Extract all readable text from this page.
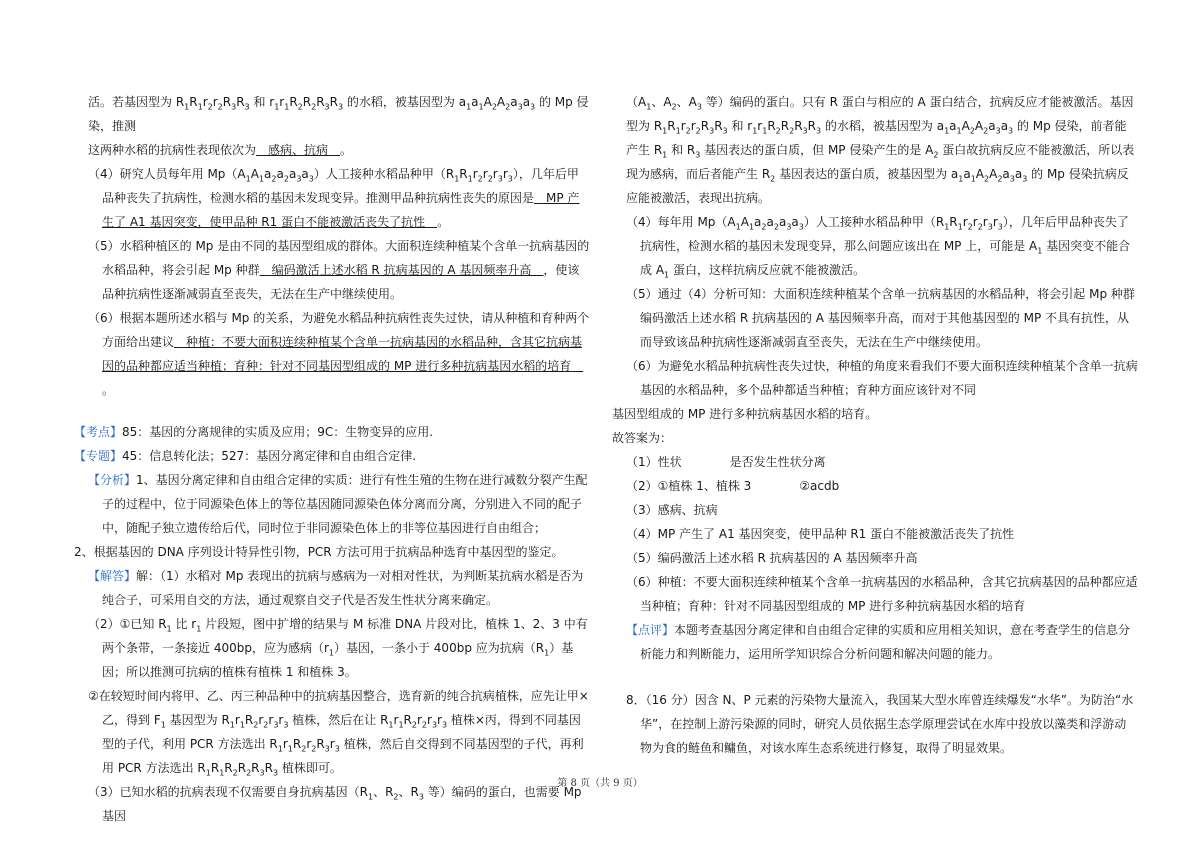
活。若基因型为 $R_1R_1r_2r_2R_3R_3$ 和 $r_1r_1R_2R_2R_3R_3$ 的水稻，被基因型为 $a_1a_1A_2A_2a_3a_3$ 的 Mp 侵染，推测

这两种水稻的抗病性表现依次为　感病、抗病　。

（4）研究人员每年用 $Mp(A_1A_1a_2a_2a_3a_3)$人工接种水稻品种甲$(R_1R_1r_2r_2r_3r_3)$，几年后甲品种丧失了抗病性，检测水稻的基因未发现变异。推测甲品种抗病性丧失的原因是　MP 产生了 A1 基因突变，使甲品种 R1 蛋白不能被激活丧失了抗性　。

（5）水稻种植区的 Mp 是由不同的基因型组成的群体。大面积连续种植某个含单一抗病基因的水稻品种，将会引起 Mp 种群　编码激活上述水稻 R 抗病基因的 A 基因频率升高　，使该品种抗病性逐渐减弱直至丧失，无法在生产中继续使用。

（6）根据本题所述水稻与 Mp 的关系，为避免水稻品种抗病性丧失过快，请从种植和育种两个方面给出建议　种植：不要大面积连续种植某个含单一抗病基因的水稻品种，含其它抗病基因的品种都应适当种植；育种：针对不同基因型组成的 MP 进行多种抗病基因水稻的培育　。

【考点】85：基因的分离规律的实质及应用；9C：生物变异的应用.

【专题】45：信息转化法；527：基因分离定律和自由组合定律.

【分析】1、基因分离定律和自由组合定律的实质：进行有性生殖的生物在进行减数分裂产生配子的过程中，位于同源染色体上的等位基因随同源染色体分离而分离，分别进入不同的配子中，随配子独立遗传给后代，同时位于非同源染色体上的非等位基因进行自由组合；

2、根据基因的 DNA 序列设计特异性引物，PCR 方法可用于抗病品种选育中基因型的鉴定。

【解答】解：（1）水稻对 Mp 表现出的抗病与感病为一对相对性状，为判断某抗病水稻是否为纯合子，可采用自交的方法，通过观察自交子代是否发生性状分离来确定。

（2）①已知 $R_1$ 比 $r_1$ 片段短，图中扩增的结果与 M 标准 DNA 片段对比，植株 1、2、3 中有两个条带，一条接近 400bp，应为感病$(r_1)$基因，一条小于 400bp 应为抗病$(R_1)$基因；所以推测可抗病的植株有植株 1 和植株 3。

②在较短时间内将甲、乙、丙三种品种中的抗病基因整合，选育新的纯合抗病植株，应先让甲×乙，得到 $F_1$ 基因型为 $R_1r_1R_2r_2r_3r_3$ 植株，然后在让 $R_1r_1R_2r_2r_3r_3$ 植株×丙，得到不同基因型的子代，利用 PCR 方法选出 $R_1r_1R_2r_2R_3r_3$ 植株，然后自交得到不同基因型的子代，再利用 PCR 方法选出 $R_1R_1R_2R_2R_3R_3$ 植株即可。

（3）已知水稻的抗病表现不仅需要自身抗病基因（$R_1$、$R_2$、$R_3$ 等）编码的蛋白，也需要 Mp 基因

（$A_1$、$A_2$、$A_3$ 等）编码的蛋白。只有 R 蛋白与相应的 A 蛋白结合，抗病反应才能被激活。基因型为 $R_1R_1r_2r_2R_3R_3$ 和 $r_1r_1R_2R_2R_3R_3$ 的水稻，被基因型为 $a_1a_1A_2A_2a_3a_3$ 的 Mp 侵染，前者能产生 $R_1$ 和 $R_3$ 基因表达的蛋白质，但 MP 侵染产生的是 $A_2$ 蛋白故抗病反应不能被激活，所以表现为感病，而后者能产生 $R_2$ 基因表达的蛋白质，被基因型为 $a_1a_1A_2A_2a_3a_3$ 的 Mp 侵染抗病反应能被激活，表现出抗病。

（4）每年用 $Mp(A_1A_1a_2a_2a_3a_3)$人工接种水稻品种甲$(R_1R_1r_2r_2r_3r_3)$，几年后甲品种丧失了抗病性，检测水稻的基因未发现变异，那么问题应该出在 MP 上，可能是 $A_1$ 基因突变不能合成 $A_1$ 蛋白，这样抗病反应就不能被激活。

（5）通过（4）分析可知：大面积连续种植某个含单一抗病基因的水稻品种，将会引起 Mp 种群编码激活上述水稻 R 抗病基因的 A 基因频率升高，而对于其他基因型的 MP 不具有抗性，从而导致该品种抗病性逐渐减弱直至丧失，无法在生产中继续使用。

（6）为避免水稻品种抗病性丧失过快，种植的角度来看我们不要大面积连续种植某个含单一抗病基因的水稻品种，多个品种都适当种植；育种方面应该针对不同

基因型组成的 MP 进行多种抗病基因水稻的培育。

故答案为：

（1）性状　　　　是否发生性状分离

（2）①植株 1、植株 3　　　　②acdb

（3）感病、抗病

（4）MP 产生了 A1 基因突变，使甲品种 R1 蛋白不能被激活丧失了抗性

（5）编码激活上述水稻 R 抗病基因的 A 基因频率升高

（6）种植：不要大面积连续种植某个含单一抗病基因的水稻品种，含其它抗病基因的品种都应适当种植；育种：针对不同基因型组成的 MP 进行多种抗病基因水稻的培育

【点评】本题考查基因分离定律和自由组合定律的实质和应用相关知识，意在考查学生的信息分析能力和判断能力，运用所学知识综合分析问题和解决问题的能力。

8．（16 分）因含 N、P 元素的污染物大量流入，我国某大型水库曾连续爆发“水华”。为防治“水华”，在控制上游污染源的同时，研究人员依据生态学原理尝试在水库中投放以藻类和浮游动物为食的鲢鱼和鳙鱼，对该水库生态系统进行修复，取得了明显效果。

第 8 页（共 9 页）
